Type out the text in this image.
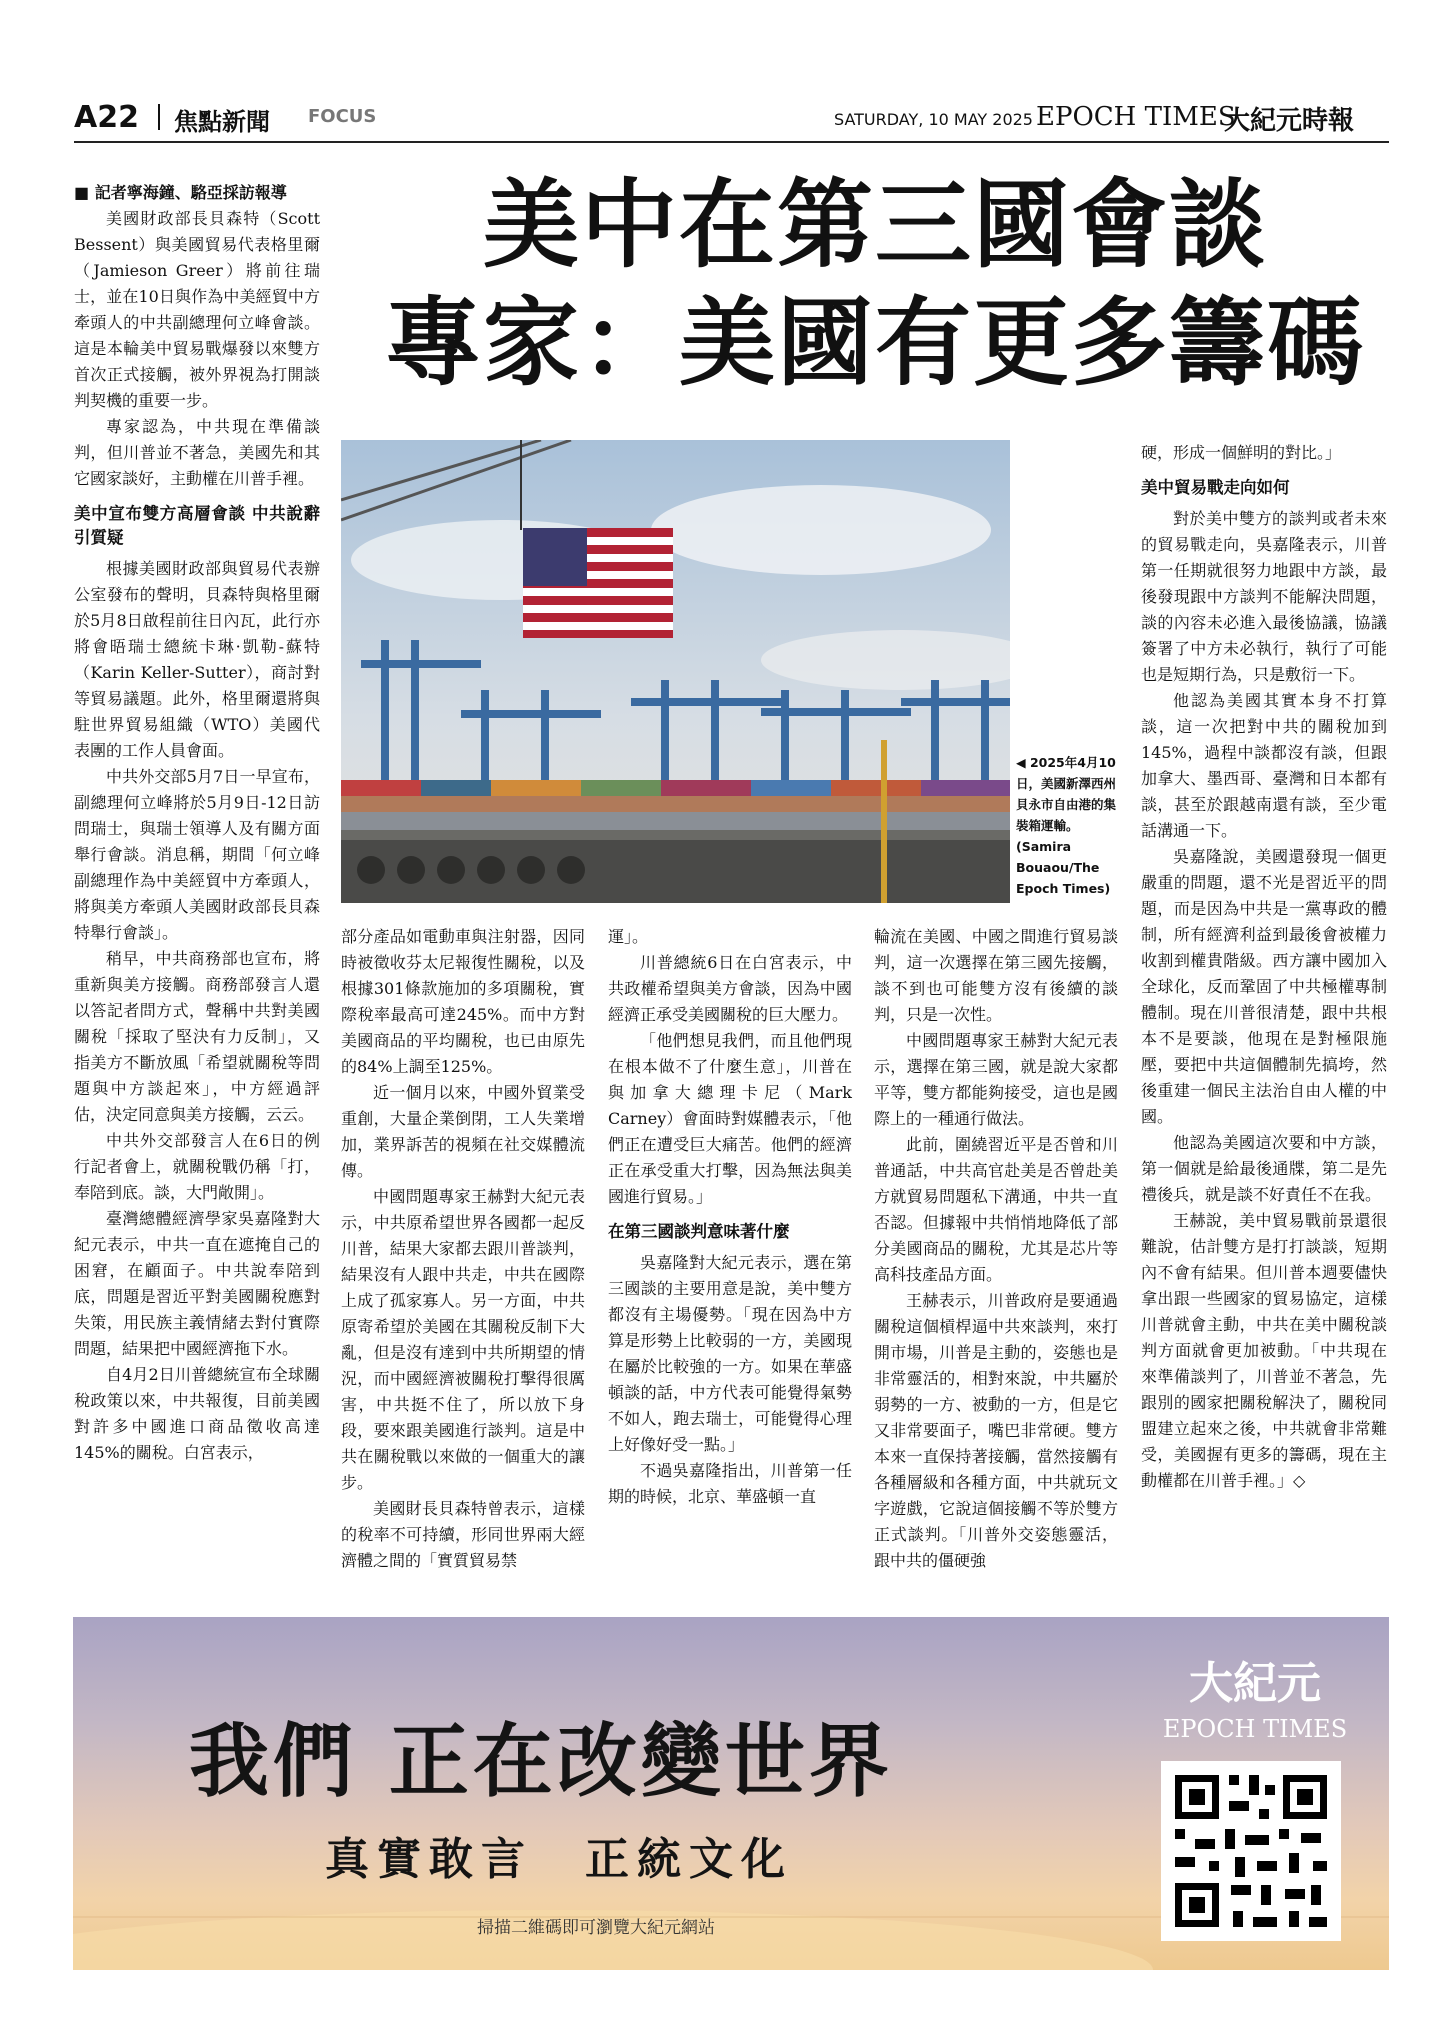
A22 焦點新聞 FOCUS	SATURDAY, 10 MAY 2025 EPOCH TIMES
大紀元時報
美中在第三國會談
專家：美國有更多籌碼

■ 記者寧海鐘、駱亞採訪報導

美國財政部長貝森特（Scott Bessent）與美國貿易代表格里爾（Jamieson Greer）將前往瑞士，並在10日與作為中美經貿中方牽頭人的中共副總理何立峰會談。這是本輪美中貿易戰爆發以來雙方首次正式接觸，被外界視為打開談判契機的重要一步。

專家認為，中共現在準備談判，但川普並不著急，美國先和其它國家談好，主動權在川普手裡。

美中宣布雙方高層會談 中共說辭引質疑

根據美國財政部與貿易代表辦公室發布的聲明，貝森特與格里爾於5月8日啟程前往日內瓦，此行亦將會晤瑞士總統卡琳·凱勒-蘇特（Karin Keller-Sutter），商討對等貿易議題。此外，格里爾還將與駐世界貿易組織（WTO）美國代表團的工作人員會面。

中共外交部5月7日一早宣布，副總理何立峰將於5月9日-12日訪問瑞士，與瑞士領導人及有關方面舉行會談。消息稱，期間「何立峰副總理作為中美經貿中方牽頭人，將與美方牽頭人美國財政部長貝森特舉行會談」。

稍早，中共商務部也宣布，將重新與美方接觸。商務部發言人還以答記者問方式，聲稱中共對美國關稅「採取了堅決有力反制」，又指美方不斷放風「希望就關稅等問題與中方談起來」，中方經過評估，決定同意與美方接觸，云云。

中共外交部發言人在6日的例行記者會上，就關稅戰仍稱「打，奉陪到底。談，大門敞開」。

臺灣總體經濟學家吳嘉隆對大紀元表示，中共一直在遮掩自己的困窘，在顧面子。中共說奉陪到底，問題是習近平對美國關稅應對失策，用民族主義情緒去對付實際問題，結果把中國經濟拖下水。

自4月2日川普總統宣布全球關稅政策以來，中共報復，目前美國對許多中國進口商品徵收高達145%的關稅。白宮表示，

◀ 2025年4月10日，美國新澤西州貝永市自由港的集裝箱運輸。(Samira Bouaou/The Epoch Times)

部分產品如電動車與注射器，因同時被徵收芬太尼報復性關稅，以及根據301條款施加的多項關稅，實際稅率最高可達245%。而中方對美國商品的平均關稅，也已由原先的84%上調至125%。

近一個月以來，中國外貿業受重創，大量企業倒閉，工人失業增加，業界訴苦的視頻在社交媒體流傳。

中國問題專家王赫對大紀元表示，中共原希望世界各國都一起反川普，結果大家都去跟川普談判，結果沒有人跟中共走，中共在國際上成了孤家寡人。另一方面，中共原寄希望於美國在其關稅反制下大亂，但是沒有達到中共所期望的情況，而中國經濟被關稅打擊得很厲害，中共挺不住了，所以放下身段，要來跟美國進行談判。這是中共在關稅戰以來做的一個重大的讓步。

美國財長貝森特曾表示，這樣的稅率不可持續，形同世界兩大經濟體之間的「實質貿易禁

運」。

川普總統6日在白宮表示，中共政權希望與美方會談，因為中國經濟正承受美國關稅的巨大壓力。

「他們想見我們，而且他們現在根本做不了什麼生意」，川普在與加拿大總理卡尼（Mark Carney）會面時對媒體表示，「他們正在遭受巨大痛苦。他們的經濟正在承受重大打擊，因為無法與美國進行貿易。」

在第三國談判意味著什麼

吳嘉隆對大紀元表示，選在第三國談的主要用意是說，美中雙方都沒有主場優勢。「現在因為中方算是形勢上比較弱的一方，美國現在屬於比較強的一方。如果在華盛頓談的話，中方代表可能覺得氣勢不如人，跑去瑞士，可能覺得心理上好像好受一點。」

不過吳嘉隆指出，川普第一任期的時候，北京、華盛頓一直

輪流在美國、中國之間進行貿易談判，這一次選擇在第三國先接觸，談不到也可能雙方沒有後續的談判，只是一次性。

中國問題專家王赫對大紀元表示，選擇在第三國，就是說大家都平等，雙方都能夠接受，這也是國際上的一種通行做法。

此前，圍繞習近平是否曾和川普通話，中共高官赴美是否曾赴美方就貿易問題私下溝通，中共一直否認。但據報中共悄悄地降低了部分美國商品的關稅，尤其是芯片等高科技產品方面。

王赫表示，川普政府是要通過關稅這個槓桿逼中共來談判，來打開市場，川普是主動的，姿態也是非常靈活的，相對來說，中共屬於弱勢的一方、被動的一方，但是它又非常要面子，嘴巴非常硬。雙方本來一直保持著接觸，當然接觸有各種層級和各種方面，中共就玩文字遊戲，它說這個接觸不等於雙方正式談判。「川普外交姿態靈活，跟中共的僵硬強

硬，形成一個鮮明的對比。」

美中貿易戰走向如何

對於美中雙方的談判或者未來的貿易戰走向，吳嘉隆表示，川普第一任期就很努力地跟中方談，最後發現跟中方談判不能解決問題，談的內容未必進入最後協議，協議簽署了中方未必執行，執行了可能也是短期行為，只是敷衍一下。

他認為美國其實本身不打算談，這一次把對中共的關稅加到145%，過程中談都沒有談，但跟加拿大、墨西哥、臺灣和日本都有談，甚至於跟越南還有談，至少電話溝通一下。

吳嘉隆說，美國還發現一個更嚴重的問題，還不光是習近平的問題，而是因為中共是一黨專政的體制，所有經濟利益到最後會被權力收割到權貴階級。西方讓中國加入全球化，反而鞏固了中共極權專制體制。現在川普很清楚，跟中共根本不是要談，他現在是對極限施壓，要把中共這個體制先搞垮，然後重建一個民主法治自由人權的中國。

他認為美國這次要和中方談，第一個就是給最後通牒，第二是先禮後兵，就是談不好責任不在我。

王赫說，美中貿易戰前景還很難說，估計雙方是打打談談，短期內不會有結果。但川普本週要儘快拿出跟一些國家的貿易協定，這樣川普就會主動，中共在美中關稅談判方面就會更加被動。「中共現在來準備談判了，川普並不著急，先跟別的國家把關稅解決了，關稅同盟建立起來之後，中共就會非常難受，美國握有更多的籌碼，現在主動權都在川普手裡。」◇

我們 正在改變世界
真實敢言　正統文化
掃描二維碼即可瀏覽大紀元網站
大紀元
EPOCH TIMES
